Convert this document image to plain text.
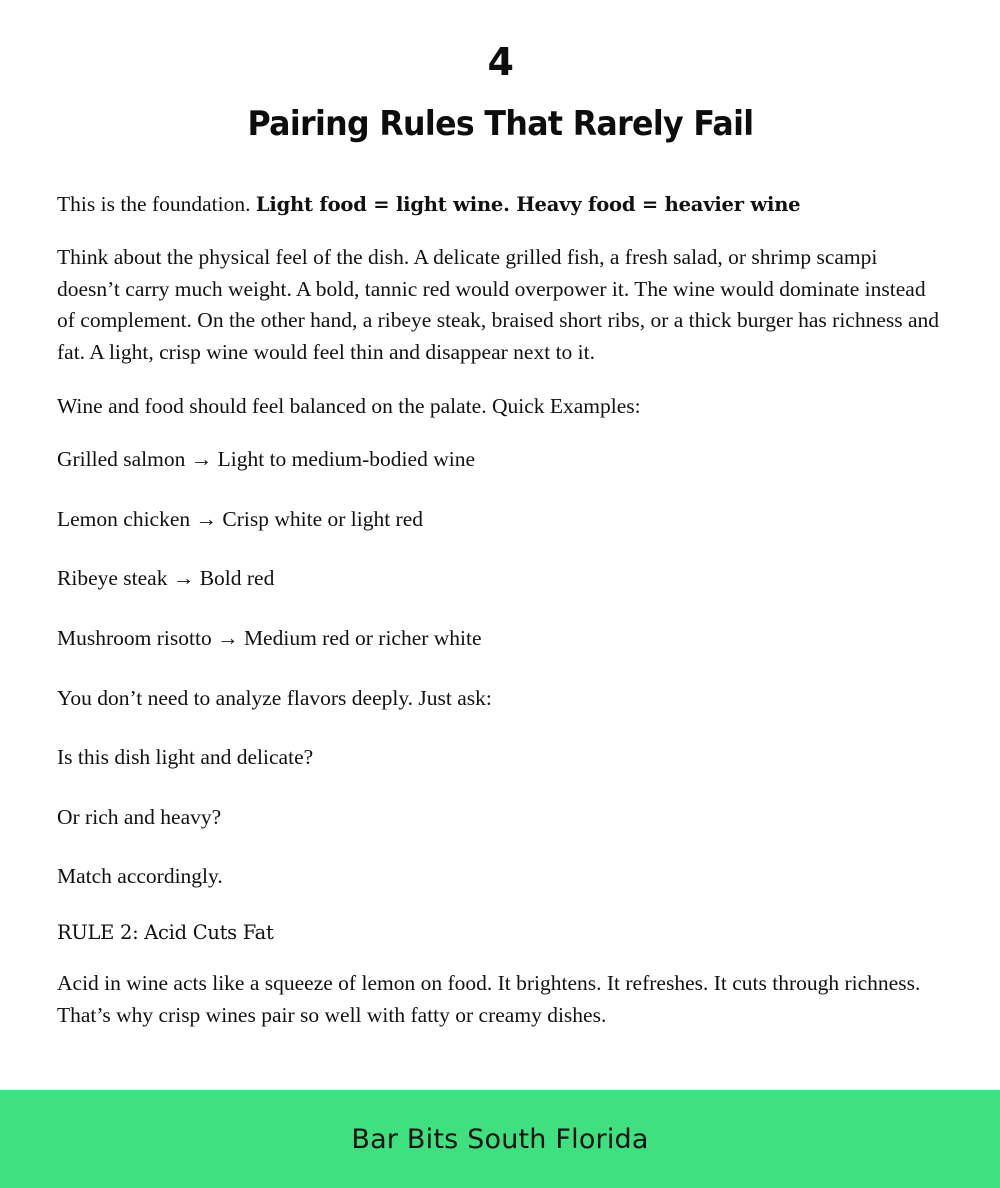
4
Pairing Rules That Rarely Fail

This is the foundation. Light food = light wine. Heavy food = heavier wine

Think about the physical feel of the dish. A delicate grilled fish, a fresh salad, or shrimp scampi doesn’t carry much weight. A bold, tannic red would overpower it. The wine would dominate instead of complement. On the other hand, a ribeye steak, braised short ribs, or a thick burger has richness and fat. A light, crisp wine would feel thin and disappear next to it.

Wine and food should feel balanced on the palate. Quick Examples:

Grilled salmon → Light to medium-bodied wine

Lemon chicken → Crisp white or light red

Ribeye steak → Bold red

Mushroom risotto → Medium red or richer white

You don’t need to analyze flavors deeply. Just ask:

Is this dish light and delicate?

Or rich and heavy?

Match accordingly.

RULE 2: Acid Cuts Fat

Acid in wine acts like a squeeze of lemon on food. It brightens. It refreshes. It cuts through richness. That’s why crisp wines pair so well with fatty or creamy dishes.

Bar Bits South Florida
